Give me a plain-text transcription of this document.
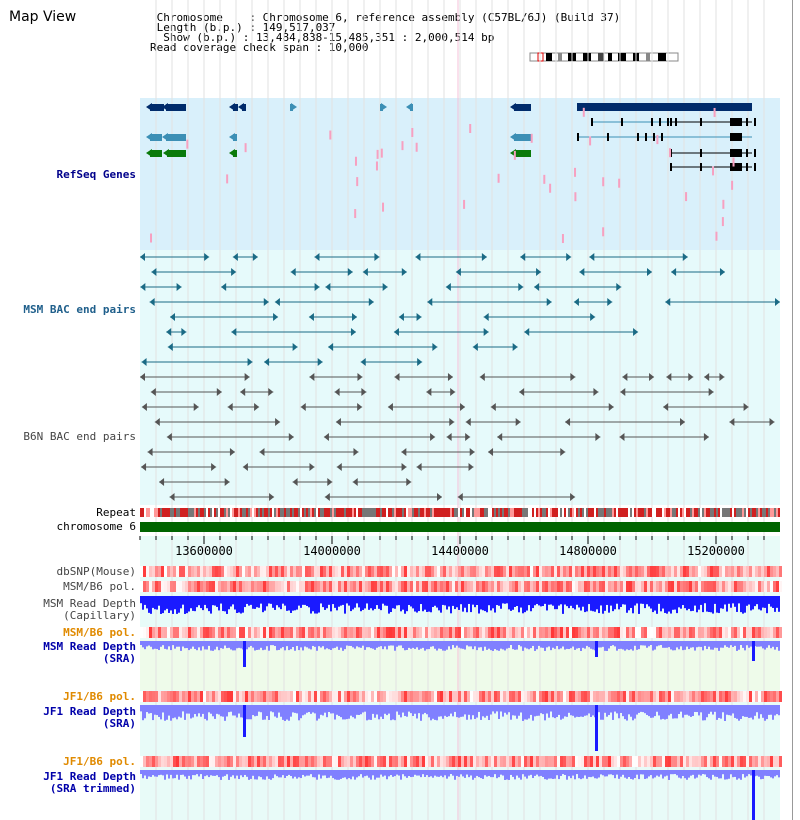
Map View	Chromosome    : Chromosome 6, reference assembly (C57BL/6J) (Build 37)
Length (b.p.) : 149,517,037
Show (b.p.) : 13,484,838-15,485,351 : 2,000,514 bp
Read coverage check span : 10,000
RefSeq Genes
MSM BAC end pairs
B6N BAC end pairs
Repeat
chromosome 6
dbSNP(Mouse)
MSM/B6 pol.
MSM Read Depth
(Capillary)
MSM/B6 pol.
MSM Read Depth
(SRA)
JF1/B6 pol.
JF1 Read Depth
(SRA)
JF1/B6 pol.
JF1 Read Depth
(SRA trimmed)
13600000	14000000	14400000	14800000	15200000
